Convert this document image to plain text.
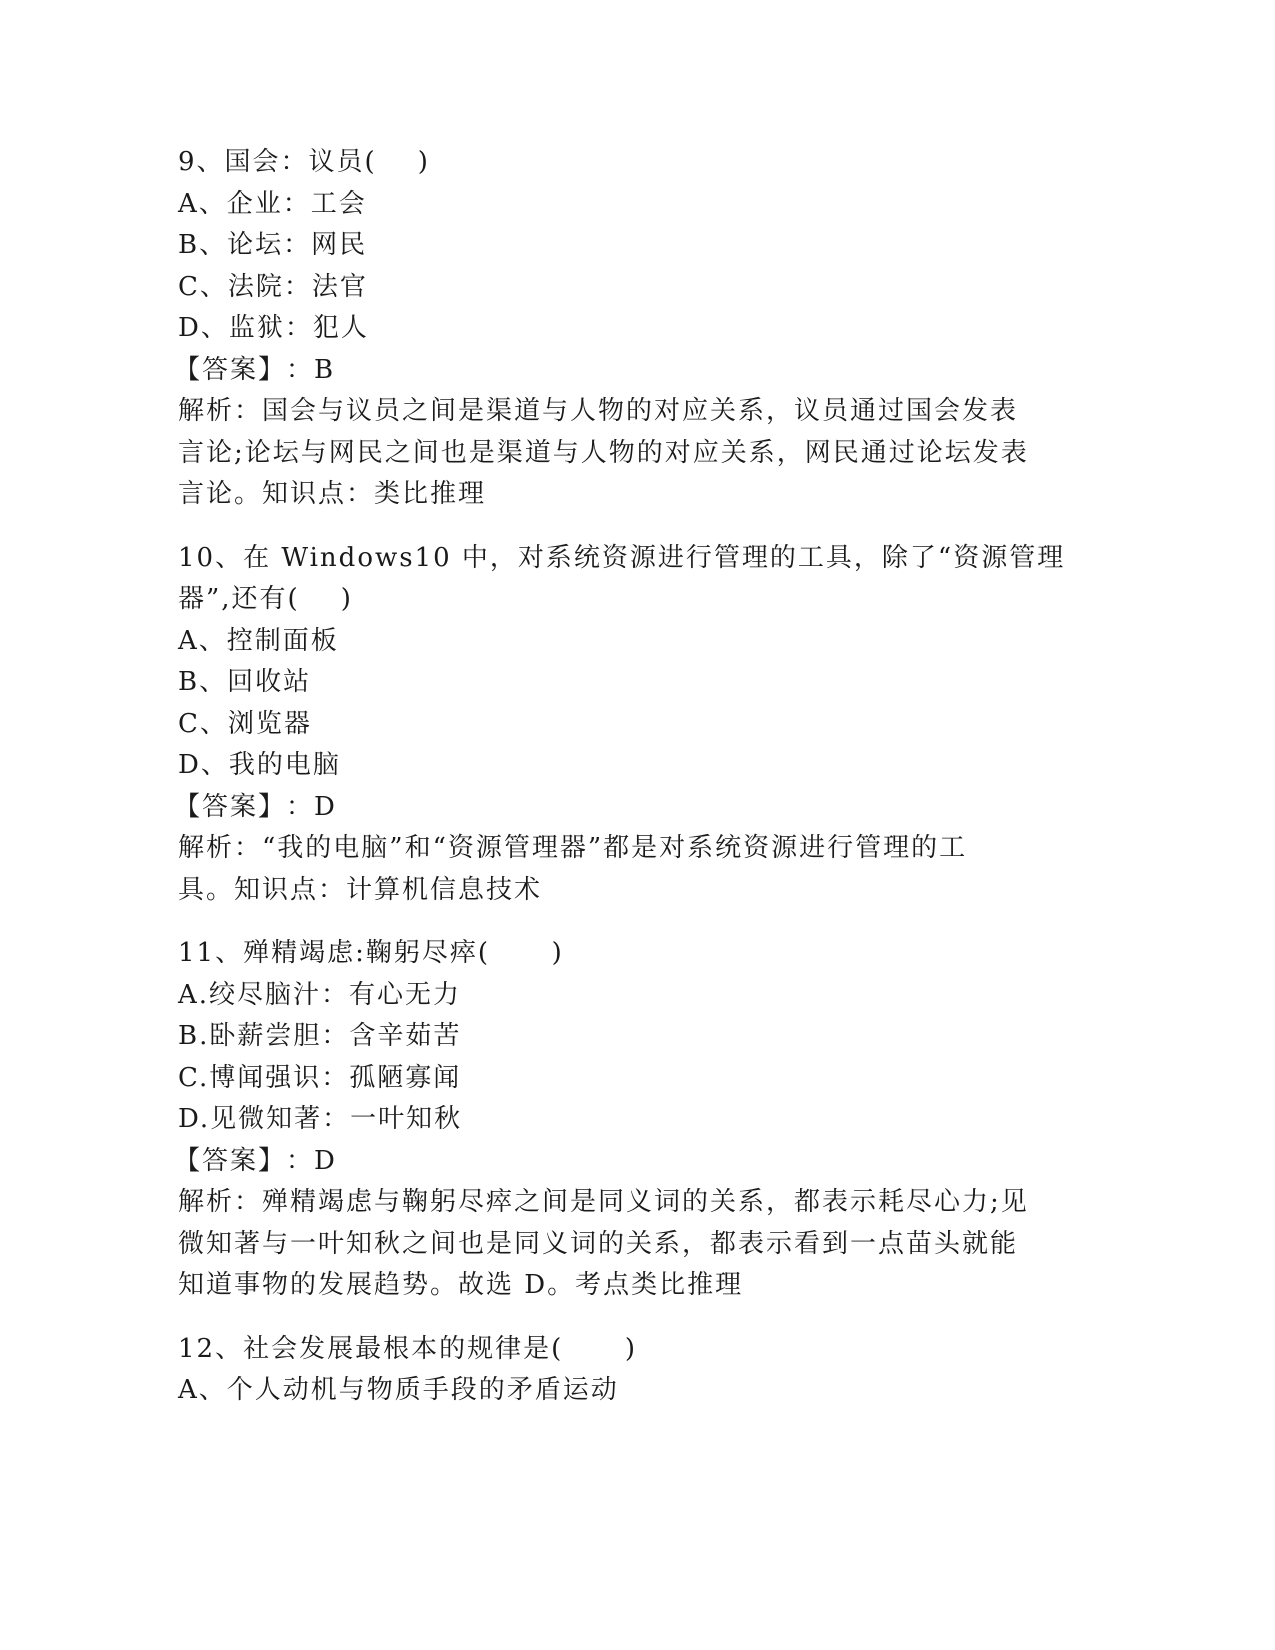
9、国会：议员(    )
A、企业：工会
B、论坛：网民
C、法院：法官
D、监狱：犯人
【答案】 ：B
解析：国会与议员之间是渠道与人物的对应关系，议员通过国会发表
言论;论坛与网民之间也是渠道与人物的对应关系，网民通过论坛发表
言论。知识点：类比推理
10、在 Windows10 中，对系统资源进行管理的工具，除了“资源管理
器”,还有(    )
A、控制面板
B、回收站
C、浏览器
D、我的电脑
【答案】 ：D
解析：“我的电脑”和“资源管理器”都是对系统资源进行管理的工
具。知识点：计算机信息技术
11、殚精竭虑:鞠躬尽瘁(      )
A.绞尽脑汁：有心无力
B.卧薪尝胆：含辛茹苦
C.博闻强识：孤陋寡闻
D.见微知著：一叶知秋
【答案】 ：D
解析：殚精竭虑与鞠躬尽瘁之间是同义词的关系，都表示耗尽心力;见
微知著与一叶知秋之间也是同义词的关系，都表示看到一点苗头就能
知道事物的发展趋势。故选 D。考点类比推理
12、社会发展最根本的规律是(      )
A、个人动机与物质手段的矛盾运动
